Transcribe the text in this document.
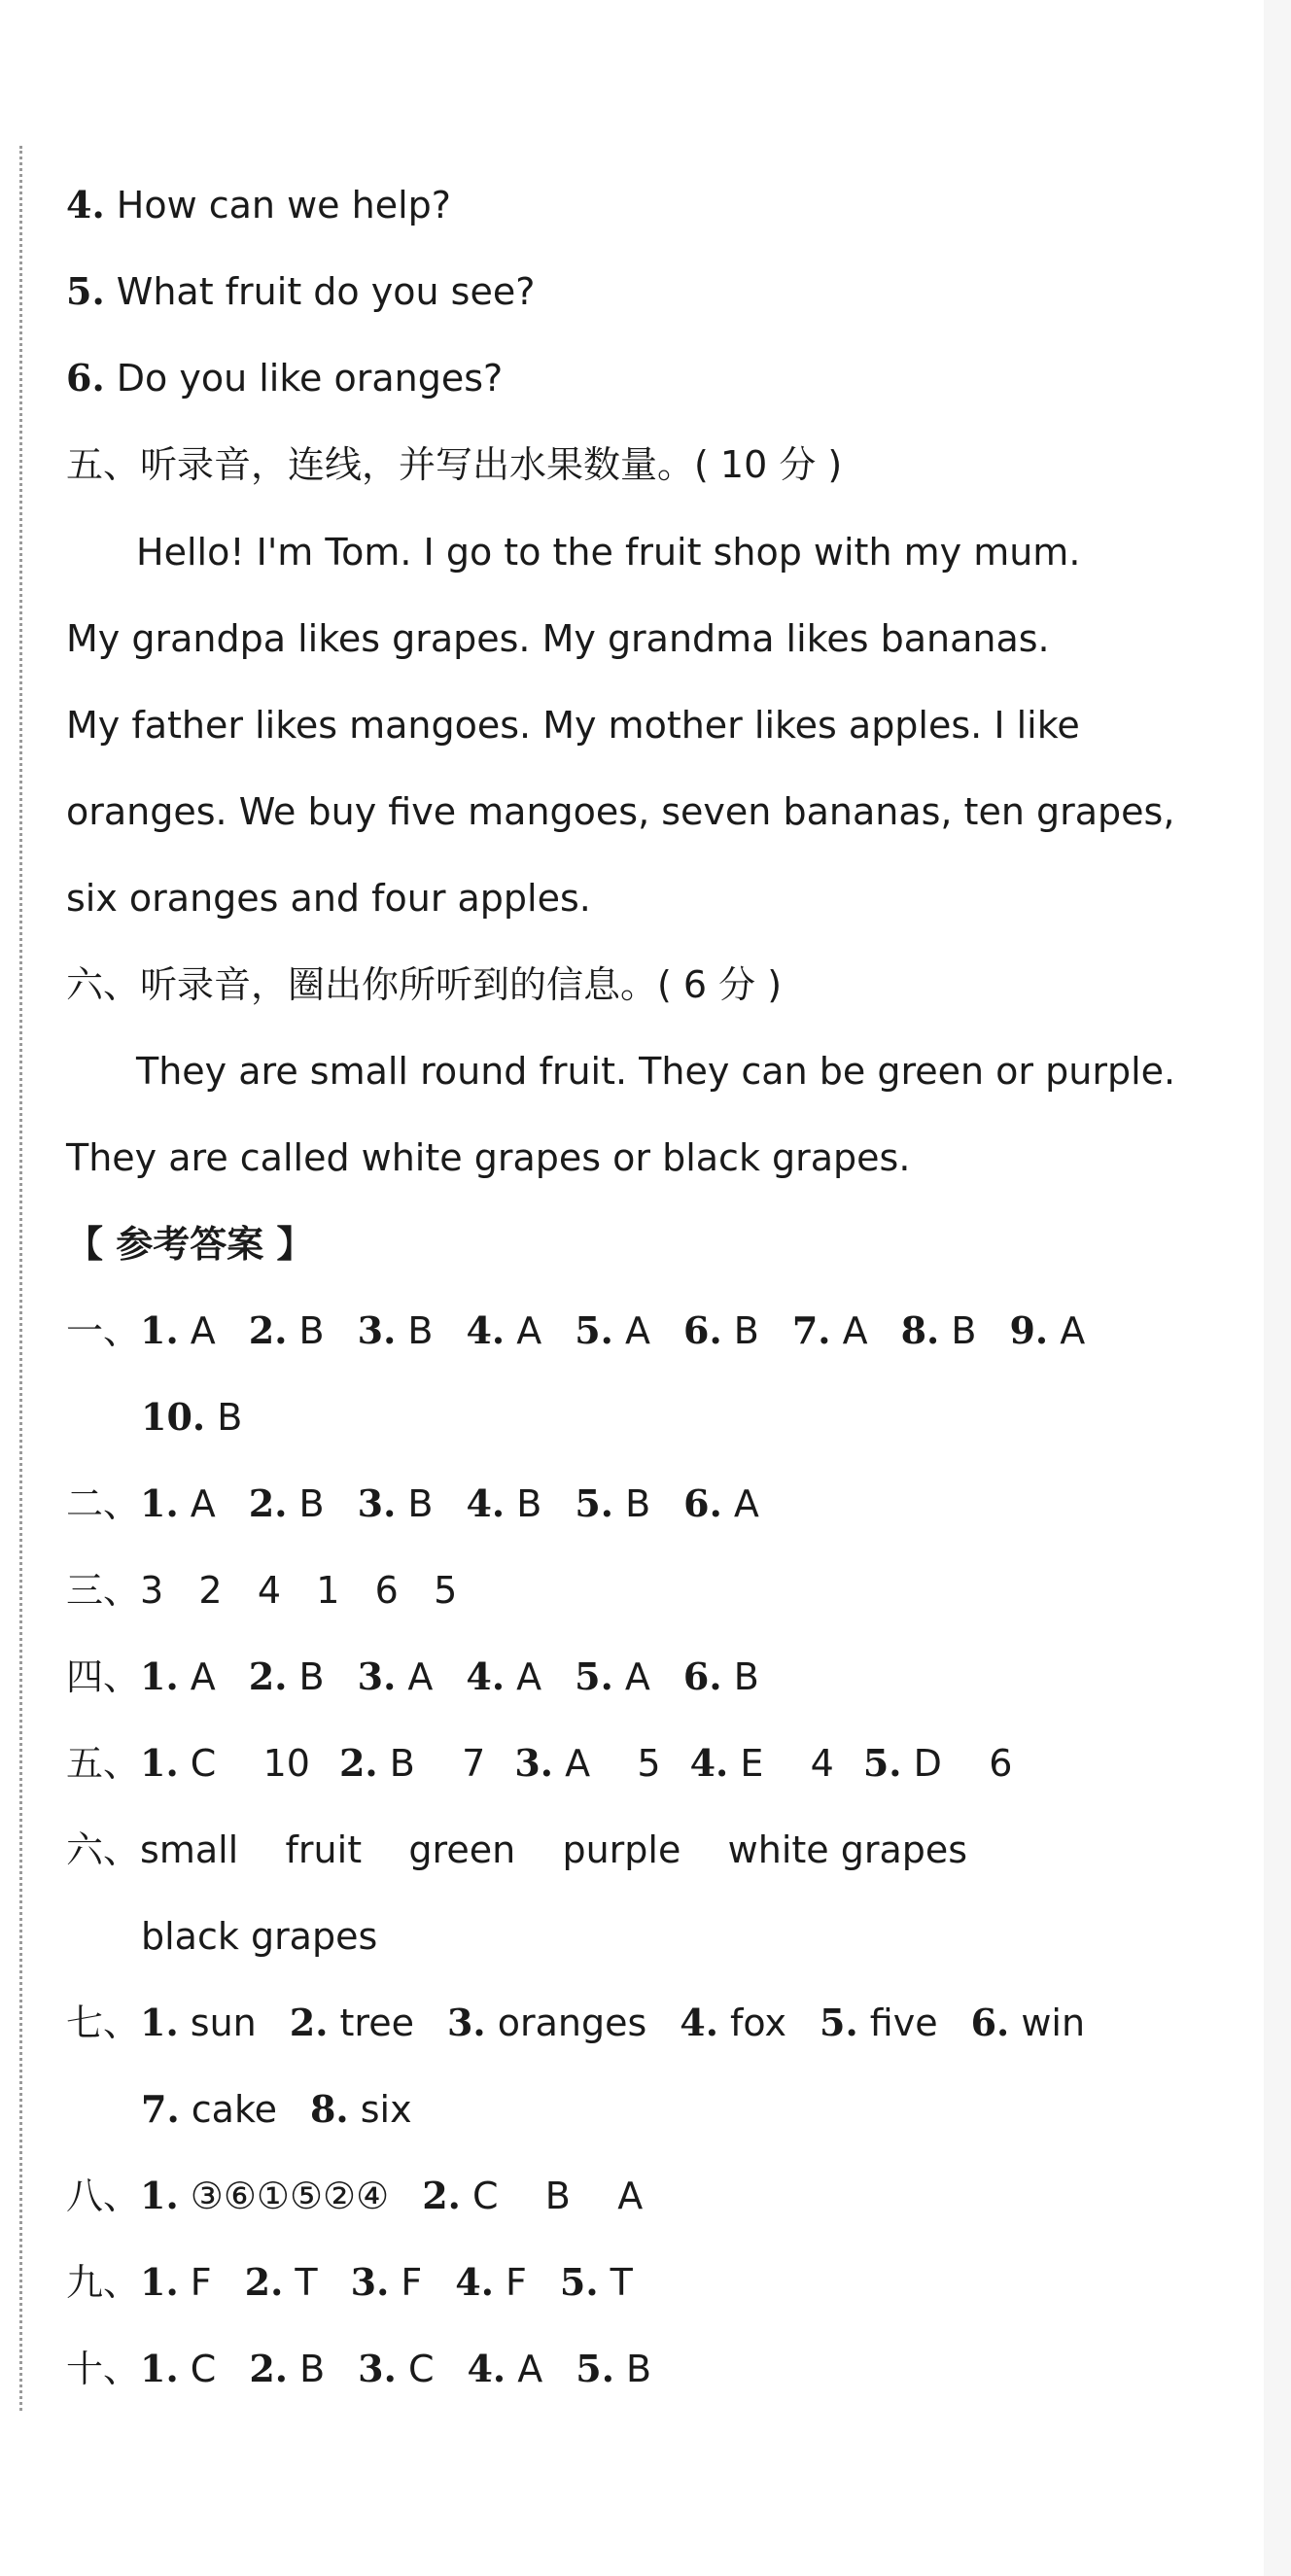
4. How can we help?
5. What fruit do you see?
6. Do you like oranges?
五、听录音，连线，并写出水果数量。( 10 分 )
Hello! I'm Tom. I go to the fruit shop with my mum.
My grandpa likes grapes. My grandma likes bananas.
My father likes mangoes. My mother likes apples. I like
oranges. We buy five mangoes, seven bananas, ten grapes,
six oranges and four apples.
六、听录音，圈出你所听到的信息。( 6 分 )
They are small round fruit. They can be green or purple.
They are called white grapes or black grapes.
【 参考答案 】
一、1. A 2. B 3. B 4. A 5. A 6. B 7. A 8. B 9. A
10. B
二、1. A 2. B 3. B 4. B 5. B 6. A
三、3   2   4   1   6   5
四、1. A 2. B 3. A 4. A 5. A 6. B
五、1. C    10 2. B    7 3. A    5 4. E    4 5. D    6
六、small    fruit    green    purple    white grapes
black grapes
七、1. sun 2. tree 3. oranges 4. fox 5. five 6. win
7. cake 8. six
八、1. ③⑥①⑤②④ 2. C    B    A
九、1. F 2. T 3. F 4. F 5. T
十、1. C 2. B 3. C 4. A 5. B
